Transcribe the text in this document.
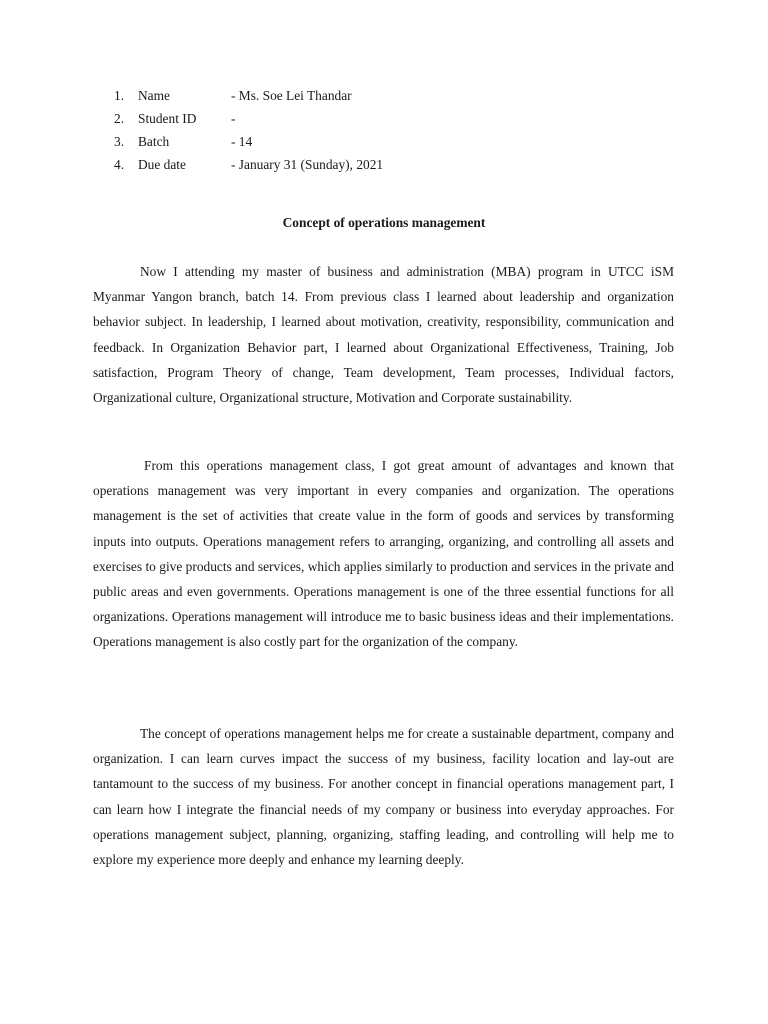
1.	Name	- Ms. Soe Lei Thandar
2.	Student ID	-
3.	Batch	- 14
4.	Due date	- January 31 (Sunday), 2021
Concept of operations management

Now I attending my master of business and administration (MBA) program in UTCC iSM Myanmar Yangon branch, batch 14. From previous class I learned about leadership and organization behavior subject. In leadership, I learned about motivation, creativity, responsibility, communication and feedback. In Organization Behavior part, I learned about Organizational Effectiveness, Training, Job satisfaction, Program Theory of change, Team development, Team processes, Individual factors, Organizational culture, Organizational structure, Motivation and Corporate sustainability.

From this operations management class, I got great amount of advantages and known that operations management was very important in every companies and organization. The operations management is the set of activities that create value in the form of goods and services by transforming inputs into outputs. Operations management refers to arranging, organizing, and controlling all assets and exercises to give products and services, which applies similarly to production and services in the private and public areas and even governments. Operations management is one of the three essential functions for all organizations. Operations management will introduce me to basic business ideas and their implementations. Operations management is also costly part for the organization of the company.

The concept of operations management helps me for create a sustainable department, company and organization. I can learn curves impact the success of my business, facility location and lay-out are tantamount to the success of my business. For another concept in financial operations management part, I can learn how I integrate the financial needs of my company or business into everyday approaches. For operations management subject, planning, organizing, staffing leading, and controlling will help me to explore my experience more deeply and enhance my learning deeply.
